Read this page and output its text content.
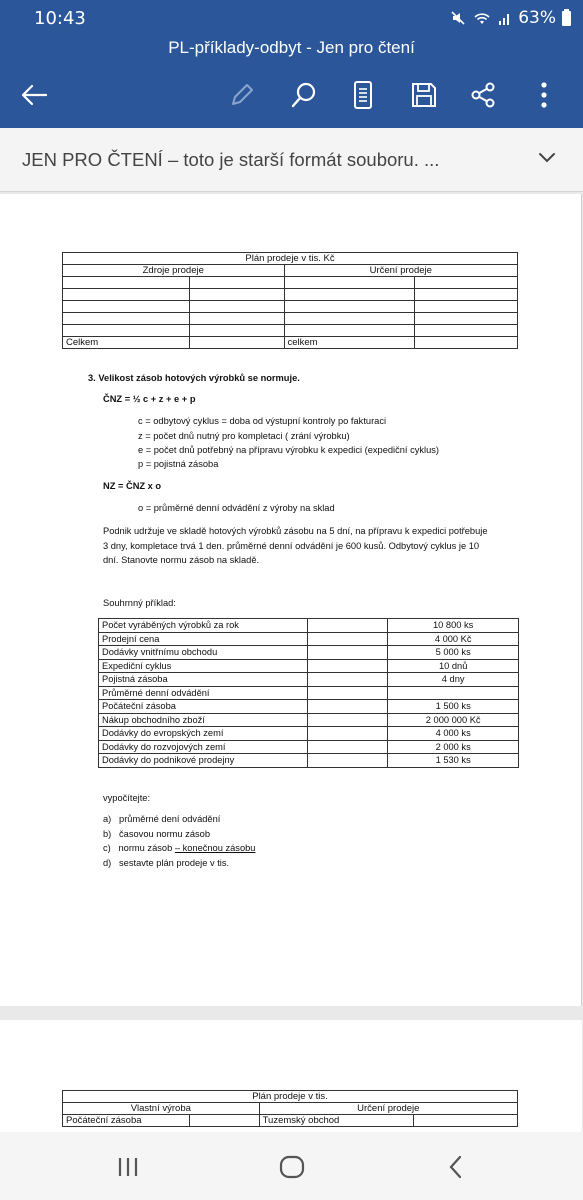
10:43	63%
PL-příklady-odbyt - Jen pro čtení
JEN PRO ČTENÍ – toto je starší formát souboru. ...
Plán prodeje v tis. Kč			
Zdroje prodeje		Určení prodeje	

Celkem		celkem	
3. Velikost zásob hotových výrobků se normuje.
ČNZ = ½ c + z + e + p
c = odbytový cyklus = doba od výstupní kontroly po fakturaci
z = počet dnů nutný pro kompletaci ( zrání výrobku)
e = počet dnů potřebný na přípravu výrobku k expedici (expediční cyklus)
p = pojistná zásoba
NZ = ČNZ x o
o = průměrné denní odvádění z výroby na sklad
Podnik udržuje ve skladě hotových výrobků zásobu na 5 dní, na přípravu k expedici potřebuje
3 dny, kompletace trvá 1 den. průměrné denní odvádění je 600 kusů. Odbytový cyklus je 10
dní. Stanovte normu zásob na skladě.
Souhrnný příklad:
Počet vyráběných výrobků za rok		10 800 ks
Prodejní cena		4 000 Kč
Dodávky vnitřnímu obchodu		5 000 ks
Expediční cyklus		10 dnů
Pojistná zásoba		4 dny
Průměrné denní odvádění		
Počáteční zásoba		1 500 ks
Nákup obchodního zboží		2 000 000 Kč
Dodávky do evropských zemí		4 000 ks
Dodávky do rozvojových zemí		2 000 ks
Dodávky do podnikové prodejny		1 530 ks
vypočítejte:
a) průměrné dení odvádění
b) časovou normu zásob
c) normu zásob – konečnou zásobu
d) sestavte plán prodeje v tis.
Plán prodeje v tis.			
Vlastní výroba		Určení prodeje	
Počáteční zásoba		Tuzemský obchod	
